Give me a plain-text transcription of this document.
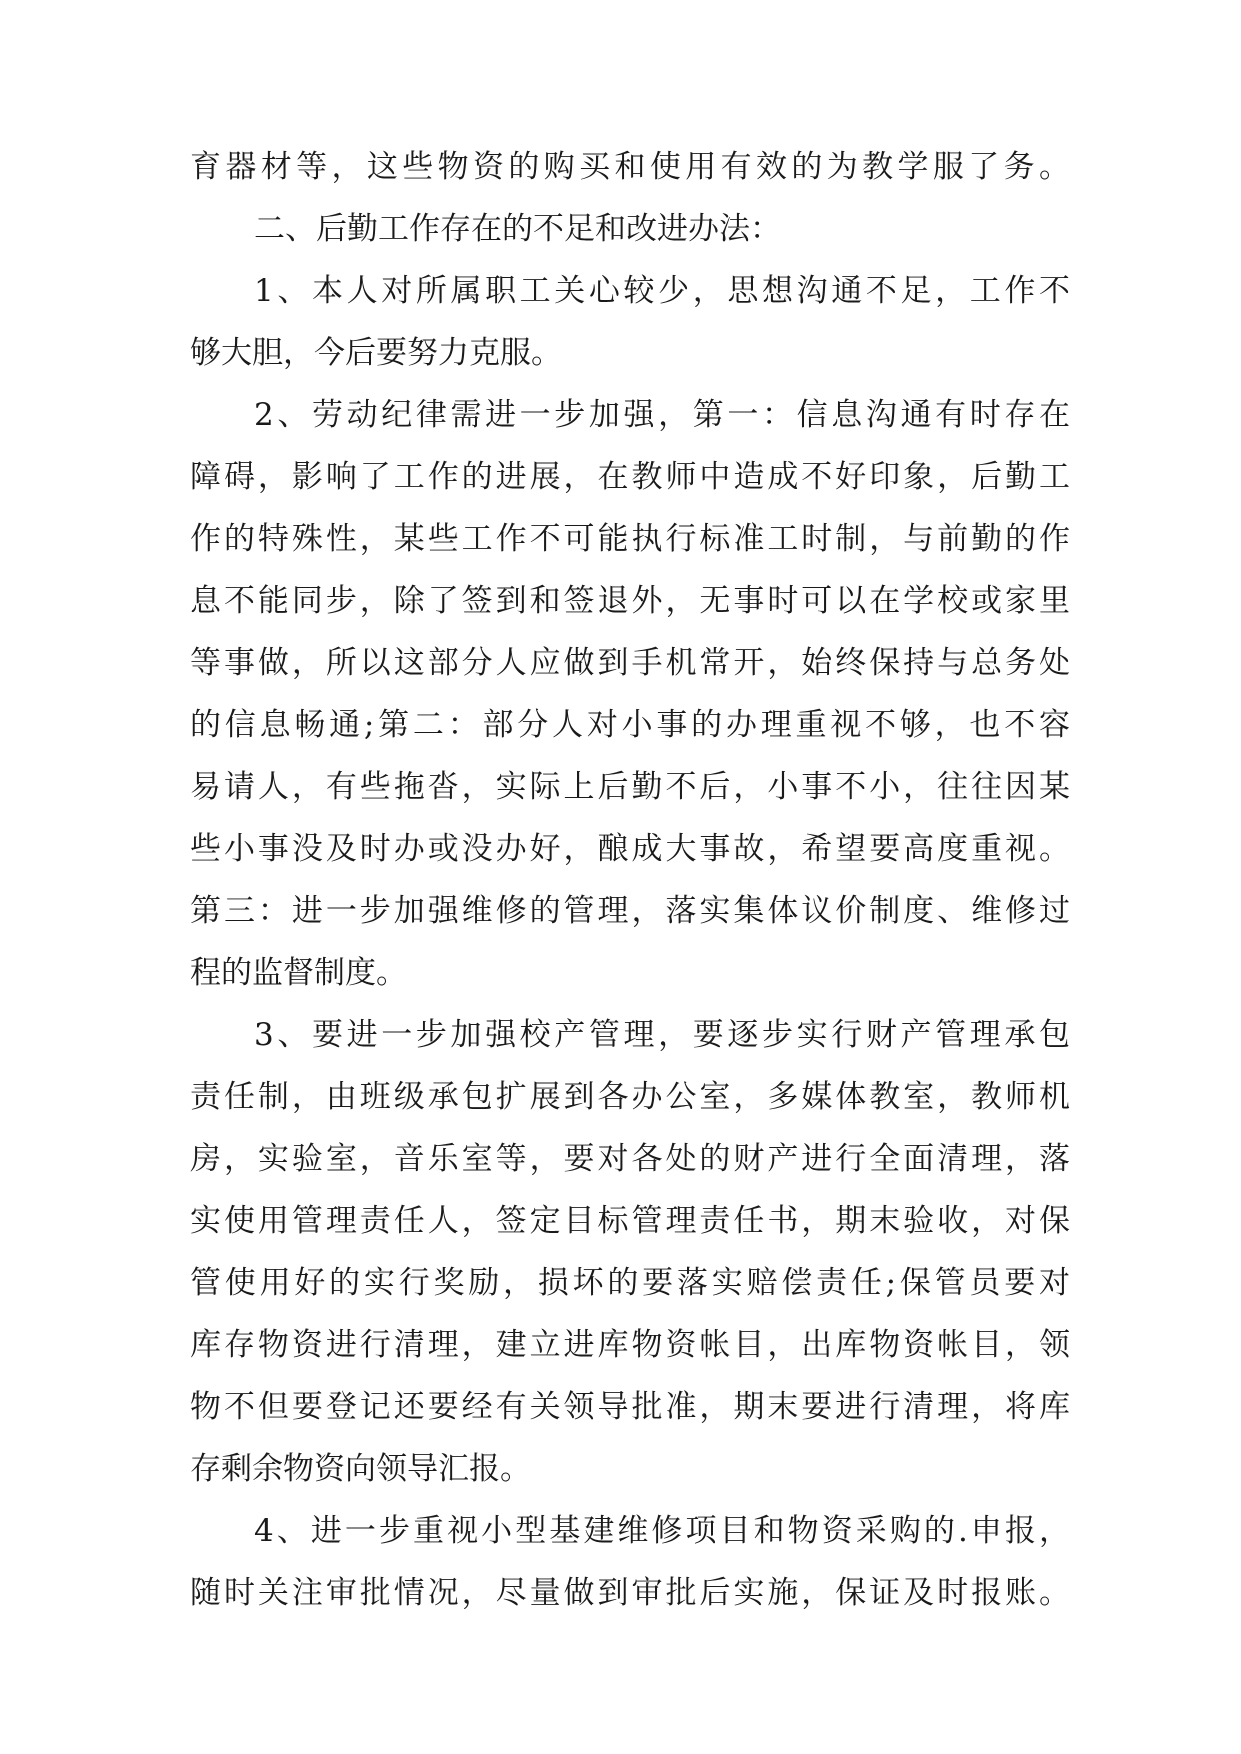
育器材等，这些物资的购买和使用有效的为教学服了务。

二、后勤工作存在的不足和改进办法：

1、本人对所属职工关心较少，思想沟通不足，工作不

够大胆，今后要努力克服。

2、劳动纪律需进一步加强，第一：信息沟通有时存在

障碍，影响了工作的进展，在教师中造成不好印象，后勤工

作的特殊性，某些工作不可能执行标准工时制，与前勤的作

息不能同步，除了签到和签退外，无事时可以在学校或家里

等事做，所以这部分人应做到手机常开，始终保持与总务处

的信息畅通;第二：部分人对小事的办理重视不够，也不容

易请人，有些拖沓，实际上后勤不后，小事不小，往往因某

些小事没及时办或没办好，酿成大事故，希望要高度重视。

第三：进一步加强维修的管理，落实集体议价制度、维修过

程的监督制度。

3、要进一步加强校产管理，要逐步实行财产管理承包

责任制，由班级承包扩展到各办公室，多媒体教室，教师机

房，实验室，音乐室等，要对各处的财产进行全面清理，落

实使用管理责任人，签定目标管理责任书，期末验收，对保

管使用好的实行奖励，损坏的要落实赔偿责任;保管员要对

库存物资进行清理，建立进库物资帐目，出库物资帐目，领

物不但要登记还要经有关领导批准，期末要进行清理，将库

存剩余物资向领导汇报。

4、进一步重视小型基建维修项目和物资采购的.申报，

随时关注审批情况，尽量做到审批后实施，保证及时报账。
